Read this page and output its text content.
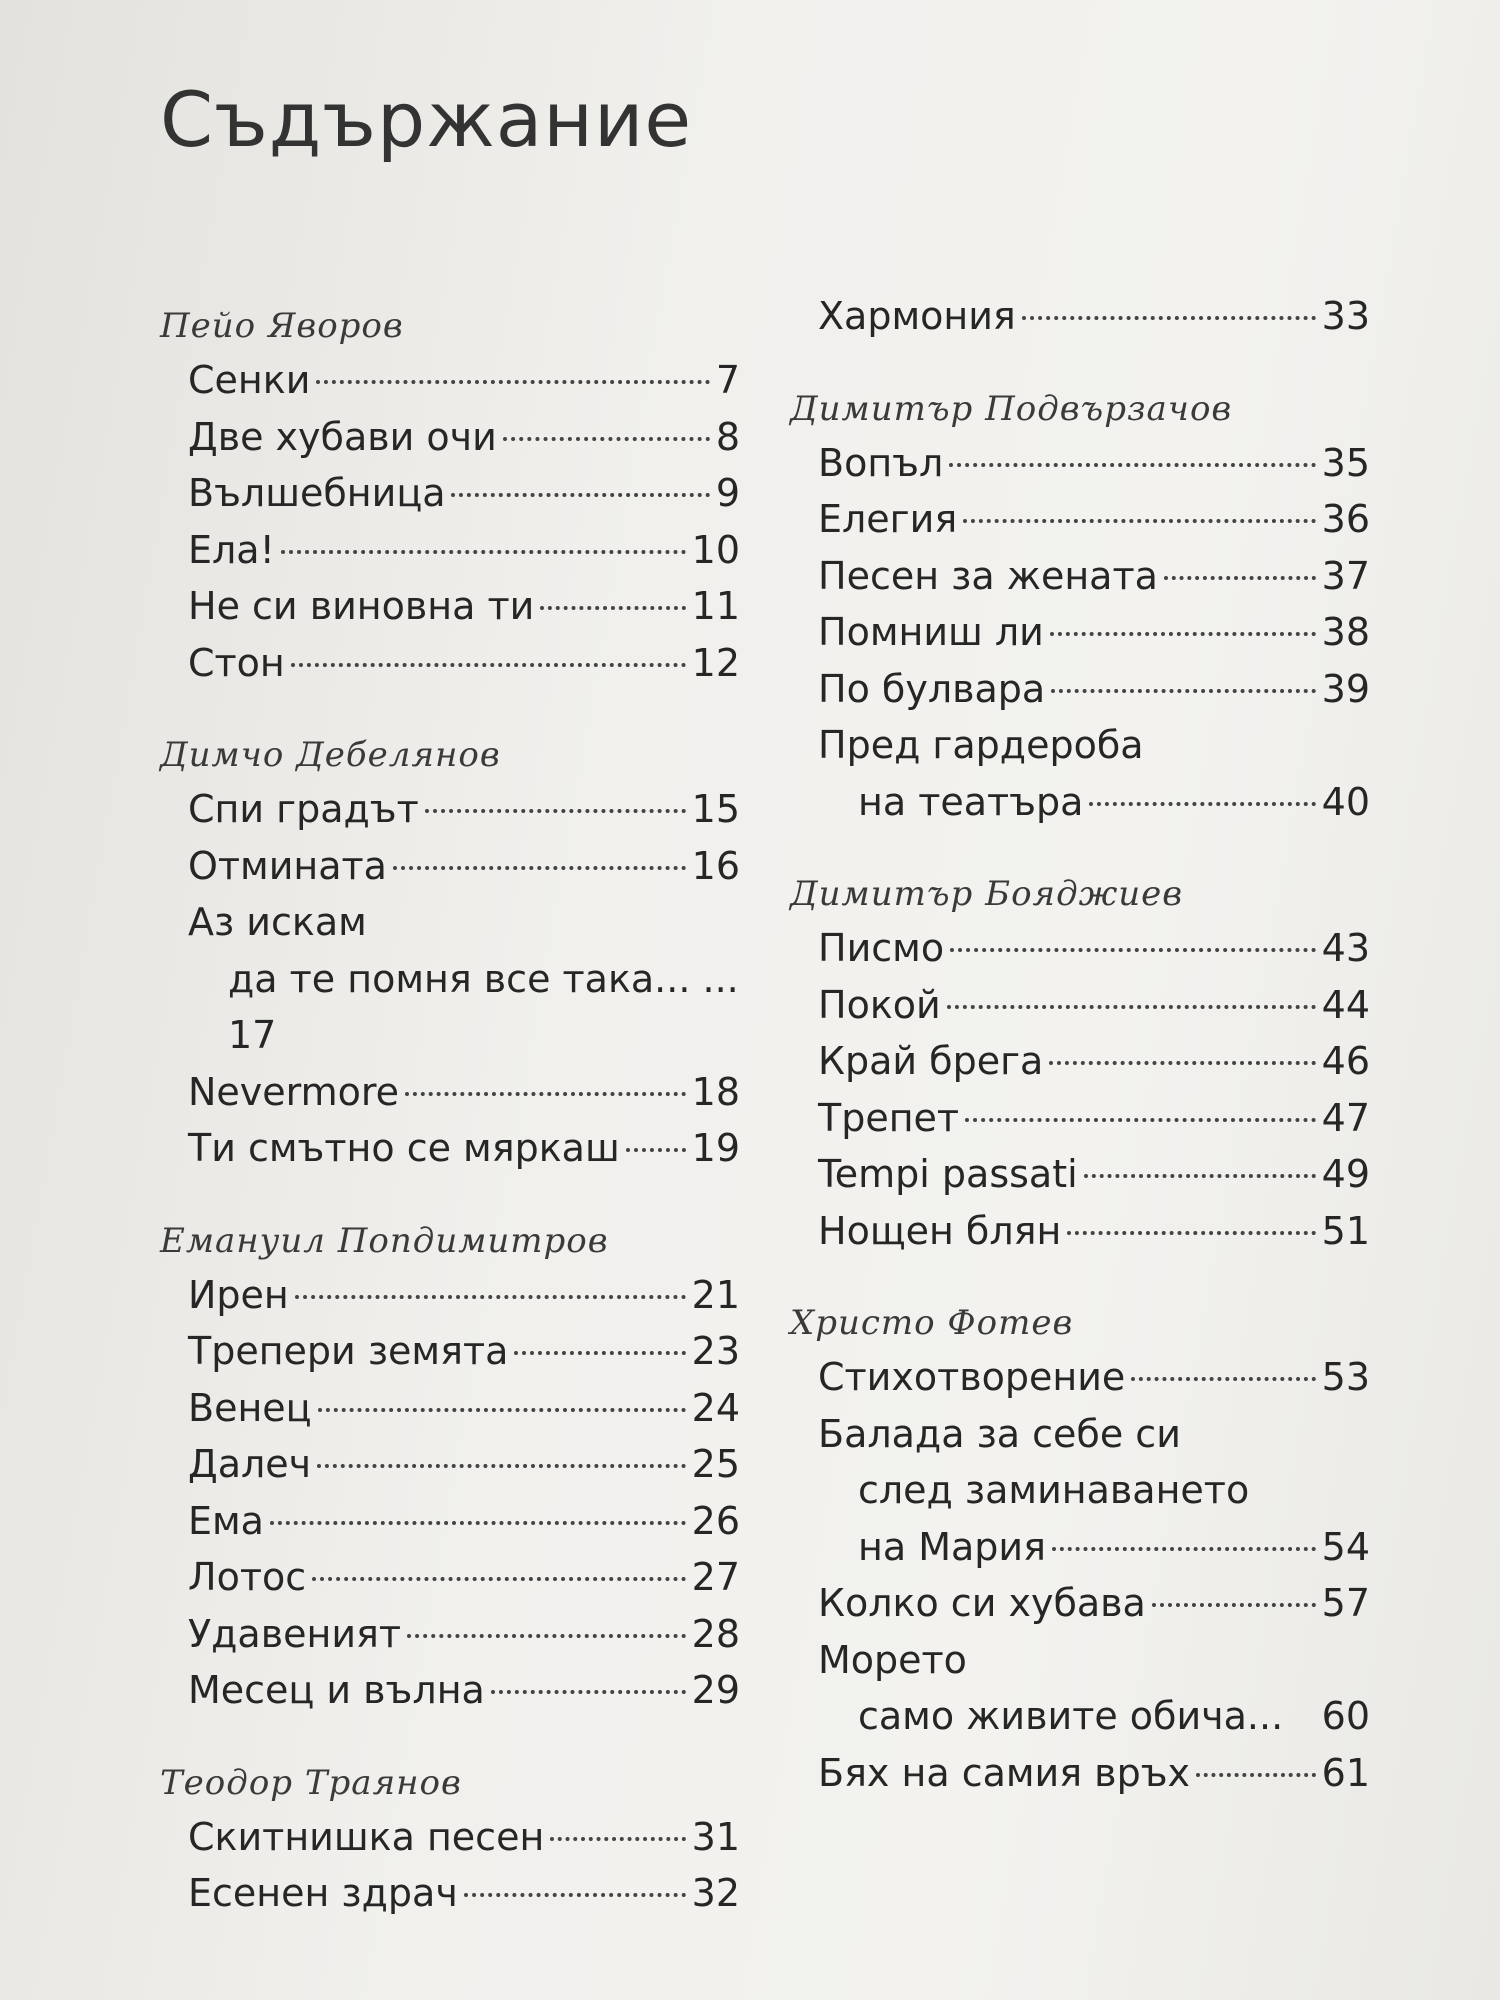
Съдържание
Пейо Яворов
Сенки	7
Две хубави очи	8
Вълшебница	9
Ела!	10
Не си виновна ти	11
Стон	12
Димчо Дебелянов
Спи градът	15
Отмината	16
Аз искам
да те помня все така... ...
17
Nevermore	18
Ти смътно се мяркаш 19
Емануил Попдимитров
Ирен	21
Трепери земята	23
Венец	24
Далеч	25
Ема	26
Лотос	27
Удавеният	28
Месец и вълна	29
Теодор Траянов
Скитнишка песен	31
Есенен здрач	32
Хармония	33
Димитър Подвързачов
Вопъл	35
Елегия	36
Песен за жената	37
Помниш ли	38
По булвара	39
Пред гардероба
на театъра	40
Димитър Бояджиев
Писмо	43
Покой	44
Край брега	46
Трепет	47
Tempi passati	49
Нощен блян	51
Христо Фотев
Стихотворение	53
Балада за себе си
след заминаването
на Мария	54
Колко си хубава	57
Морето
само живите обича... 60
Бях на самия връх	61
